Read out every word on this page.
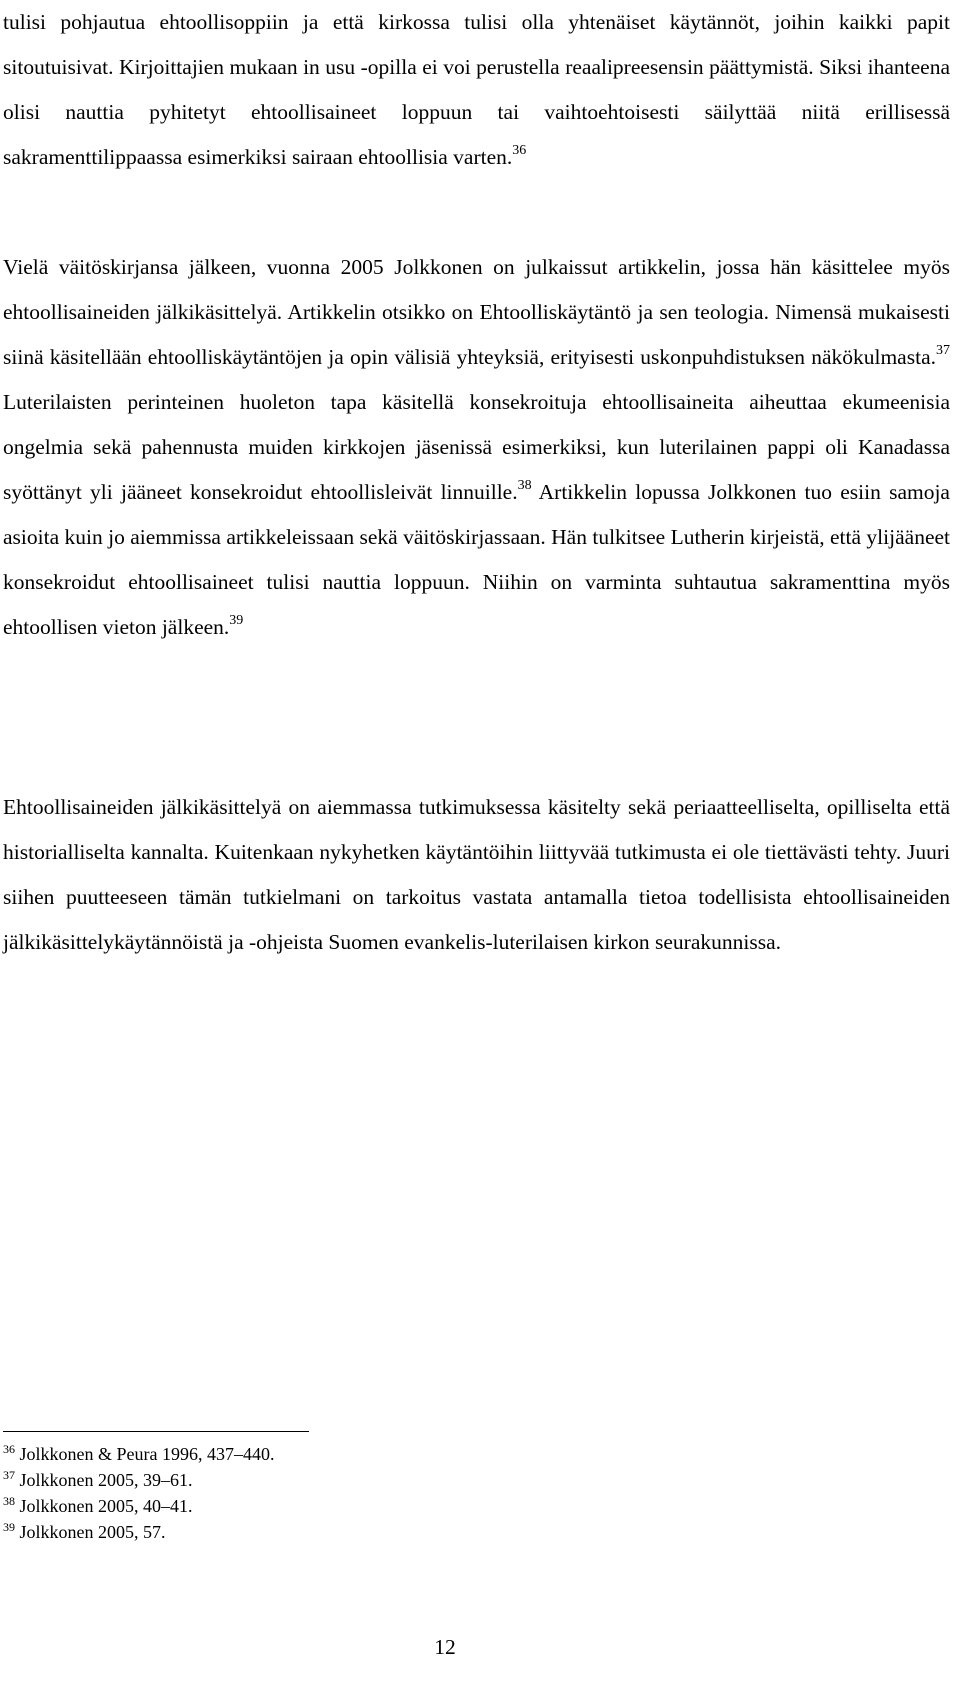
tulisi pohjautua ehtoollisoppiin ja että kirkossa tulisi olla yhtenäiset käytännöt, joihin kaikki papit sitoutuisivat. Kirjoittajien mukaan in usu -opilla ei voi perustella reaalipreesensin päättymistä. Siksi ihanteena olisi nauttia pyhitetyt ehtoollisaineet loppuun tai vaihtoehtoisesti säilyttää niitä erillisessä sakramenttilippaassa esimerkiksi sairaan ehtoollisia varten.$^{36}$

Vielä väitöskirjansa jälkeen, vuonna 2005 Jolkkonen on julkaissut artikkelin, jossa hän käsittelee myös ehtoollisaineiden jälkikäsittelyä. Artikkelin otsikko on Ehtoolliskäytäntö ja sen teologia. Nimensä mukaisesti siinä käsitellään ehtoolliskäytäntöjen ja opin välisiä yhteyksiä, erityisesti uskonpuhdistuksen näkökulmasta.$^{37}$ Luterilaisten perinteinen huoleton tapa käsitellä konsekroituja ehtoollisaineita aiheuttaa ekumeenisia ongelmia sekä pahennusta muiden kirkkojen jäsenissä esimerkiksi, kun luterilainen pappi oli Kanadassa syöttänyt yli jääneet konsekroidut ehtoollisleivät linnuille.$^{38}$ Artikkelin lopussa Jolkkonen tuo esiin samoja asioita kuin jo aiemmissa artikkeleissaan sekä väitöskirjassaan. Hän tulkitsee Lutherin kirjeistä, että ylijääneet konsekroidut ehtoollisaineet tulisi nauttia loppuun. Niihin on varminta suhtautua sakramenttina myös ehtoollisen vieton jälkeen.$^{39}$

Ehtoollisaineiden jälkikäsittelyä on aiemmassa tutkimuksessa käsitelty sekä periaatteelliselta, opilliselta että historialliselta kannalta. Kuitenkaan nykyhetken käytäntöihin liittyvää tutkimusta ei ole tiettävästi tehty. Juuri siihen puutteeseen tämän tutkielmani on tarkoitus vastata antamalla tietoa todellisista ehtoollisaineiden jälkikäsittelykäytännöistä ja -ohjeista Suomen evankelis-luterilaisen kirkon seurakunnissa.

$^{36}$ Jolkkonen & Peura 1996, 437–440.
$^{37}$ Jolkkonen 2005, 39–61.
$^{38}$ Jolkkonen 2005, 40–41.
$^{39}$ Jolkkonen 2005, 57.
12
